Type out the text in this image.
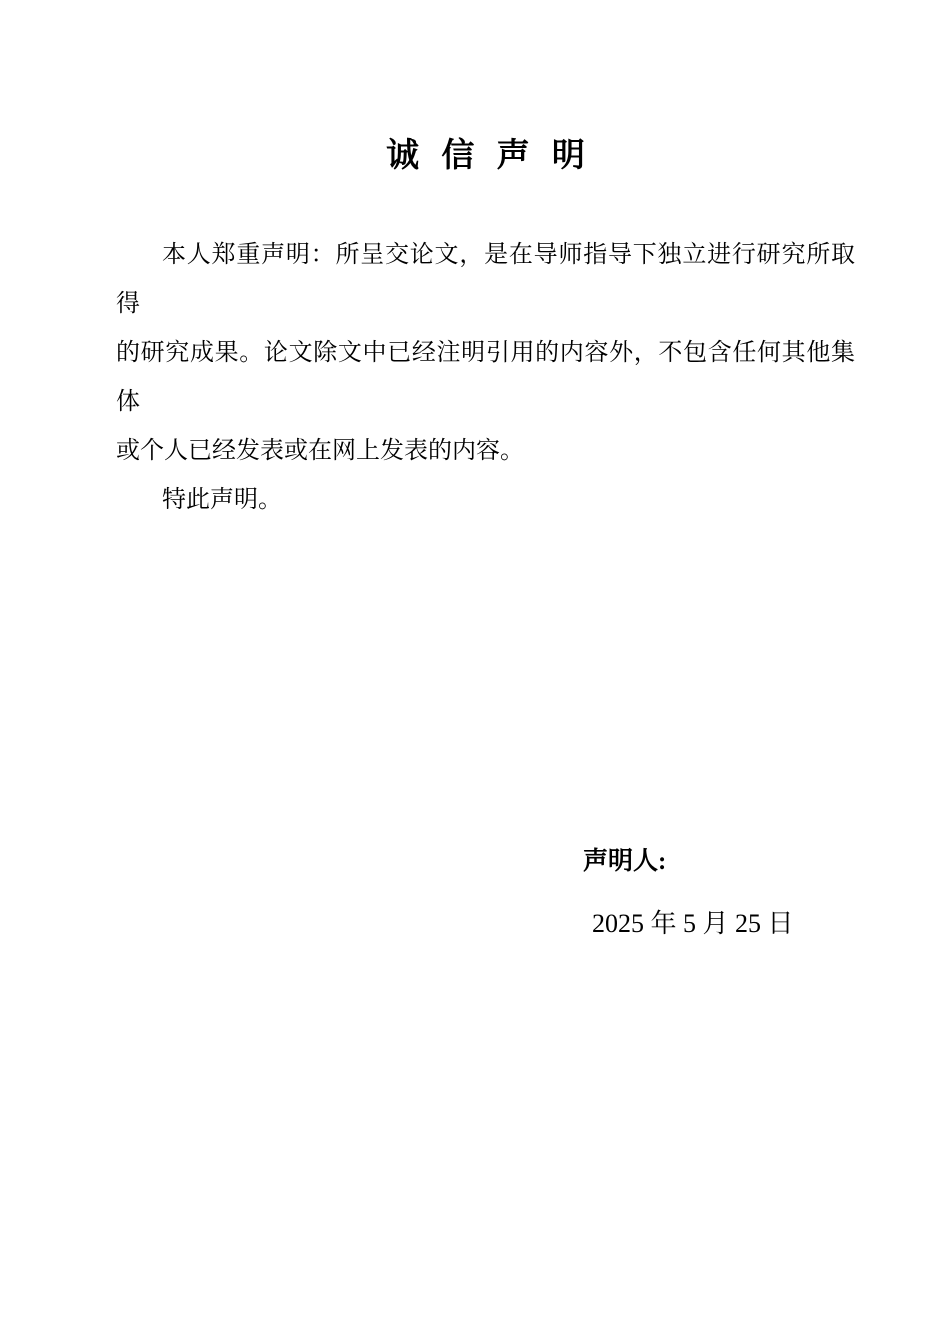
诚 信 声 明
本人郑重声明：所呈交论文，是在导师指导下独立进行研究所取得
的研究成果。论文除文中已经注明引用的内容外，不包含任何其他集体
或个人已经发表或在网上发表的内容。
特此声明。
声明人:
2025 年 5 月 25 日
